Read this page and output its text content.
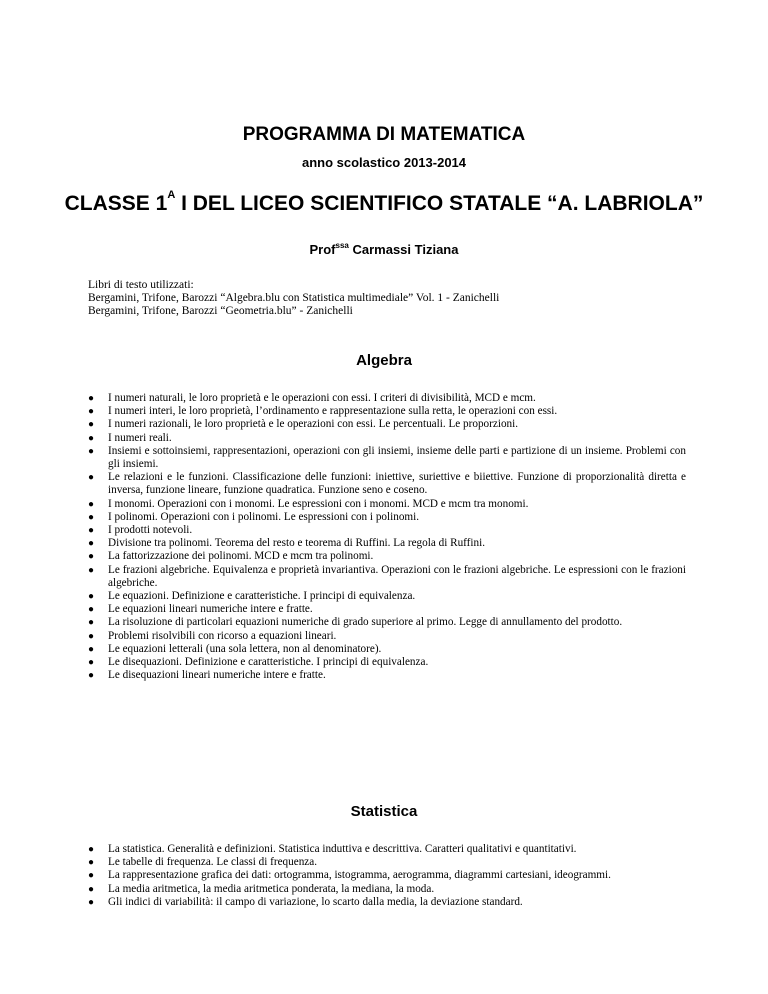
PROGRAMMA DI MATEMATICA
anno scolastico 2013-2014
CLASSE $1^A$ I DEL LICEO SCIENTIFICO STATALE “A. LABRIOLA”
Prof$^{ssa}$ Carmassi Tiziana
Libri di testo utilizzati:
Bergamini, Trifone, Barozzi “Algebra.blu con Statistica multimediale” Vol. 1 - Zanichelli
Bergamini, Trifone, Barozzi “Geometria.blu” - Zanichelli
Algebra
● I numeri naturali, le loro proprietà e le operazioni con essi. I criteri di divisibilità, MCD e mcm.
● I numeri interi, le loro proprietà, l’ordinamento e rappresentazione sulla retta, le operazioni con essi.
● I numeri razionali, le loro proprietà e le operazioni con essi. Le percentuali. Le proporzioni.
● I numeri reali.
● Insiemi e sottoinsiemi, rappresentazioni, operazioni con gli insiemi, insieme delle parti e partizione di un insieme. Problemi con gli insiemi.
● Le relazioni e le funzioni. Classificazione delle funzioni: iniettive, suriettive e biiettive. Funzione di proporzionalità diretta e inversa, funzione lineare, funzione quadratica. Funzione seno e coseno.
● I monomi. Operazioni con i monomi. Le espressioni con i monomi. MCD e mcm tra monomi.
● I polinomi. Operazioni con i polinomi. Le espressioni con i polinomi.
● I prodotti notevoli.
● Divisione tra polinomi. Teorema del resto e teorema di Ruffini. La regola di Ruffini.
● La fattorizzazione dei polinomi. MCD e mcm tra polinomi.
● Le frazioni algebriche. Equivalenza e proprietà invariantiva. Operazioni con le frazioni algebriche. Le espressioni con le frazioni algebriche.
● Le equazioni. Definizione e caratteristiche. I principi di equivalenza.
● Le equazioni lineari numeriche intere e fratte.
● La risoluzione di particolari equazioni numeriche di grado superiore al primo. Legge di annullamento del prodotto.
● Problemi risolvibili con ricorso a equazioni lineari.
● Le equazioni letterali (una sola lettera, non al denominatore).
● Le disequazioni. Definizione e caratteristiche. I principi di equivalenza.
● Le disequazioni lineari numeriche intere e fratte.
Statistica
● La statistica. Generalità e definizioni. Statistica induttiva e descrittiva. Caratteri qualitativi e quantitativi.
● Le tabelle di frequenza. Le classi di frequenza.
● La rappresentazione grafica dei dati: ortogramma, istogramma, aerogramma, diagrammi cartesiani, ideogrammi.
● La media aritmetica, la media aritmetica ponderata, la mediana, la moda.
● Gli indici di variabilità: il campo di variazione, lo scarto dalla media, la deviazione standard.
